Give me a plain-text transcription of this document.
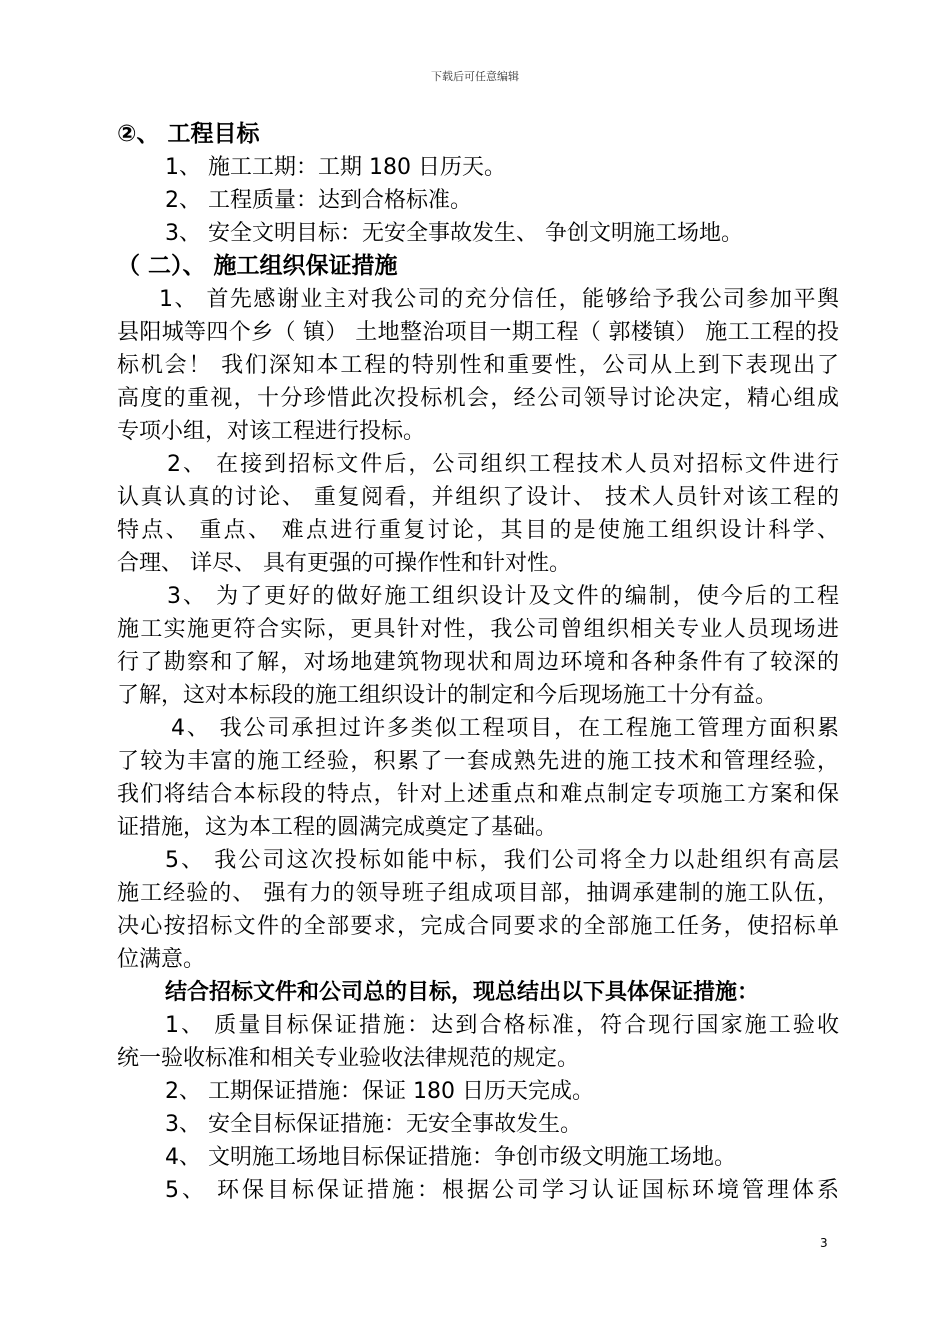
下载后可任意编辑
②、 工程目标
1、 施工工期：工期 180 日历天。
2、 工程质量：达到合格标准。
3、 安全文明目标：无安全事故发生、 争创文明施工场地。
（ 二）、 施工组织保证措施
1、 首先感谢业主对我公司的充分信任，能够给予我公司参加平舆
县阳城等四个乡（ 镇） 土地整治项目一期工程（ 郭楼镇） 施工工程的投
标机会！ 我们深知本工程的特别性和重要性，公司从上到下表现出了
高度的重视，十分珍惜此次投标机会，经公司领导讨论决定，精心组成
专项小组，对该工程进行投标。
2、 在接到招标文件后，公司组织工程技术人员对招标文件进行
认真认真的讨论、 重复阅看，并组织了设计、 技术人员针对该工程的
特点、 重点、 难点进行重复讨论，其目的是使施工组织设计科学、
合理、 详尽、 具有更强的可操作性和针对性。
3、 为了更好的做好施工组织设计及文件的编制，使今后的工程
施工实施更符合实际，更具针对性，我公司曾组织相关专业人员现场进
行了勘察和了解，对场地建筑物现状和周边环境和各种条件有了较深的
了解，这对本标段的施工组织设计的制定和今后现场施工十分有益。
4、 我公司承担过许多类似工程项目，在工程施工管理方面积累
了较为丰富的施工经验，积累了一套成熟先进的施工技术和管理经验，
我们将结合本标段的特点，针对上述重点和难点制定专项施工方案和保
证措施，这为本工程的圆满完成奠定了基础。
5、 我公司这次投标如能中标，我们公司将全力以赴组织有高层
施工经验的、 强有力的领导班子组成项目部，抽调承建制的施工队伍，
决心按招标文件的全部要求，完成合同要求的全部施工任务，使招标单
位满意。
结合招标文件和公司总的目标，现总结出以下具体保证措施：
1、 质量目标保证措施：达到合格标准，符合现行国家施工验收
统一验收标准和相关专业验收法律规范的规定。
2、 工期保证措施：保证 180 日历天完成。
3、 安全目标保证措施：无安全事故发生。
4、 文明施工场地目标保证措施：争创市级文明施工场地。
5、 环保目标保证措施：根据公司学习认证国标环境管理体系
3
